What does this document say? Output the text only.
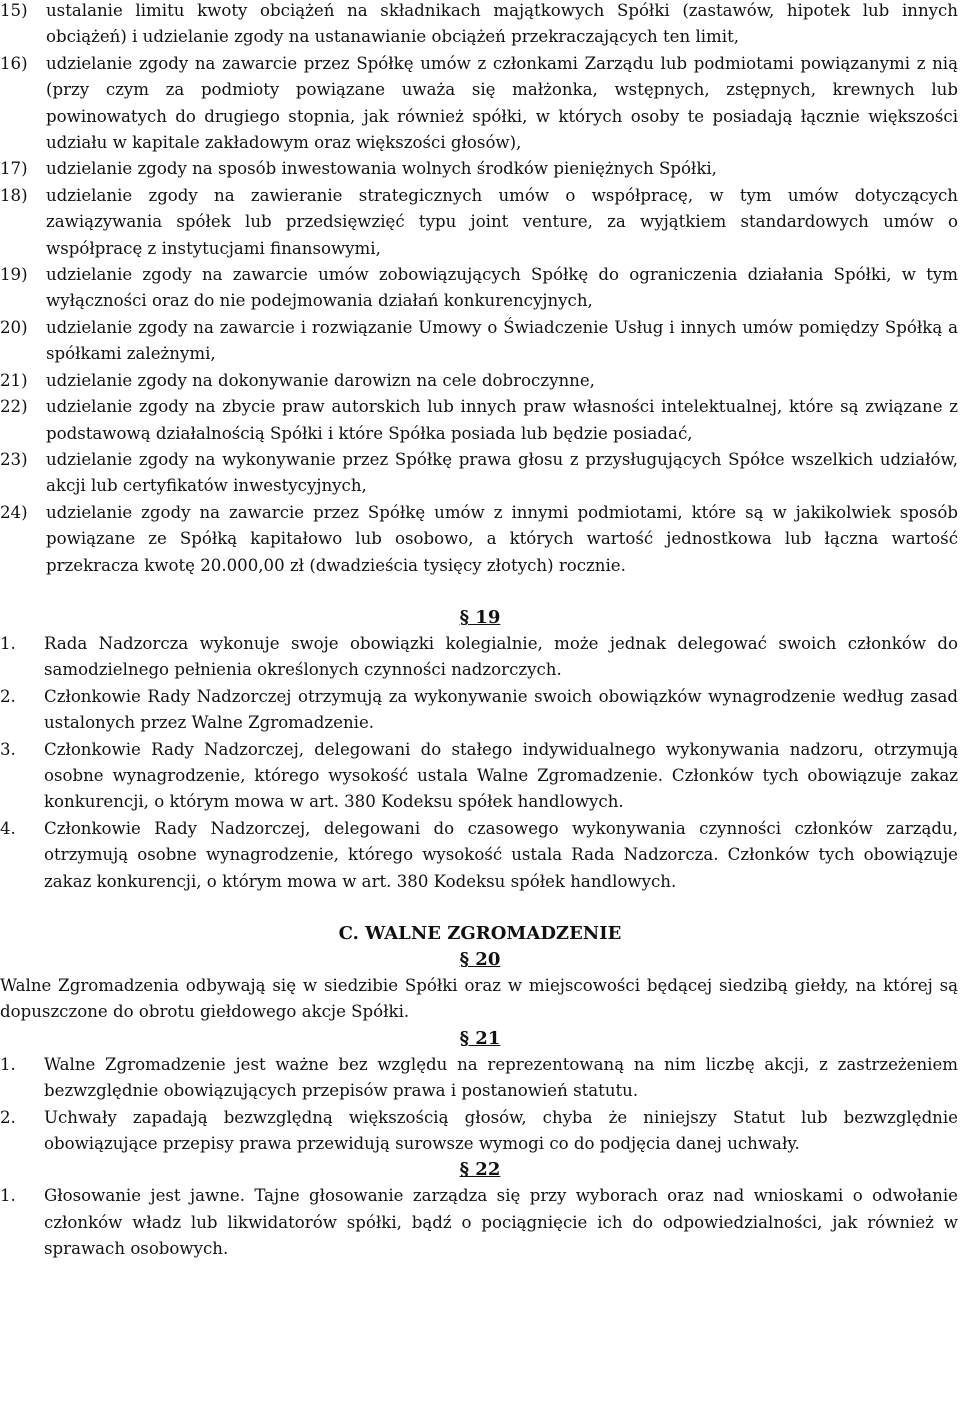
15)	ustalanie limitu kwoty obciążeń na składnikach majątkowych Spółki (zastawów, hipotek lub innych obciążeń) i udzielanie zgody na ustanawianie obciążeń przekraczających ten limit,
16)	udzielanie zgody na zawarcie przez Spółkę umów z członkami Zarządu lub podmiotami powiązanymi z nią (przy czym za podmioty powiązane uważa się małżonka, wstępnych, zstępnych, krewnych lub powinowatych do drugiego stopnia, jak również spółki, w których osoby te posiadają łącznie większości udziału w kapitale zakładowym oraz większości głosów),
17)	udzielanie zgody na sposób inwestowania wolnych środków pieniężnych Spółki,
18)	udzielanie zgody na zawieranie strategicznych umów o współpracę, w tym umów dotyczących zawiązywania spółek lub przedsięwzięć typu joint venture, za wyjątkiem standardowych umów o współpracę z instytucjami finansowymi,
19)	udzielanie zgody na zawarcie umów zobowiązujących Spółkę do ograniczenia działania Spółki, w tym wyłączności oraz do nie podejmowania działań konkurencyjnych,
20)	udzielanie zgody na zawarcie i rozwiązanie Umowy o Świadczenie Usług i innych umów pomiędzy Spółką a spółkami zależnymi,
21)	udzielanie zgody na dokonywanie darowizn na cele dobroczynne,
22)	udzielanie zgody na zbycie praw autorskich lub innych praw własności intelektualnej, które są związane z podstawową działalnością Spółki i które Spółka posiada lub będzie posiadać,
23)	udzielanie zgody na wykonywanie przez Spółkę prawa głosu z przysługujących Spółce wszelkich udziałów, akcji lub certyfikatów inwestycyjnych,
24)	udzielanie zgody na zawarcie przez Spółkę umów z innymi podmiotami, które są w jakikolwiek sposób powiązane ze Spółką kapitałowo lub osobowo, a których wartość jednostkowa lub łączna wartość przekracza kwotę 20.000,00 zł (dwadzieścia tysięcy złotych) rocznie.
§ 19
1.	Rada Nadzorcza wykonuje swoje obowiązki kolegialnie, może jednak delegować swoich członków do samodzielnego pełnienia określonych czynności nadzorczych.
2.	Członkowie Rady Nadzorczej otrzymują za wykonywanie swoich obowiązków wynagrodzenie według zasad ustalonych przez Walne Zgromadzenie.
3.	Członkowie Rady Nadzorczej, delegowani do stałego indywidualnego wykonywania nadzoru, otrzymują osobne wynagrodzenie, którego wysokość ustala Walne Zgromadzenie. Członków tych obowiązuje zakaz konkurencji, o którym mowa w art. 380 Kodeksu spółek handlowych.
4.	Członkowie Rady Nadzorczej, delegowani do czasowego wykonywania czynności członków zarządu, otrzymują osobne wynagrodzenie, którego wysokość ustala Rada Nadzorcza. Członków tych obowiązuje zakaz konkurencji, o którym mowa w art. 380 Kodeksu spółek handlowych.
C. WALNE ZGROMADZENIE
§ 20
Walne Zgromadzenia odbywają się w siedzibie Spółki oraz w miejscowości będącej siedzibą giełdy, na której są dopuszczone do obrotu giełdowego akcje Spółki.
§ 21
1.	Walne Zgromadzenie jest ważne bez względu na reprezentowaną na nim liczbę akcji, z zastrzeżeniem bezwzględnie obowiązujących przepisów prawa i postanowień statutu.
2.	Uchwały zapadają bezwzględną większością głosów, chyba że niniejszy Statut lub bezwzględnie obowiązujące przepisy prawa przewidują surowsze wymogi co do podjęcia danej uchwały.
§ 22
1.	Głosowanie jest jawne. Tajne głosowanie zarządza się przy wyborach oraz nad wnioskami o odwołanie członków władz lub likwidatorów spółki, bądź o pociągnięcie ich do odpowiedzialności, jak również w sprawach osobowych.
